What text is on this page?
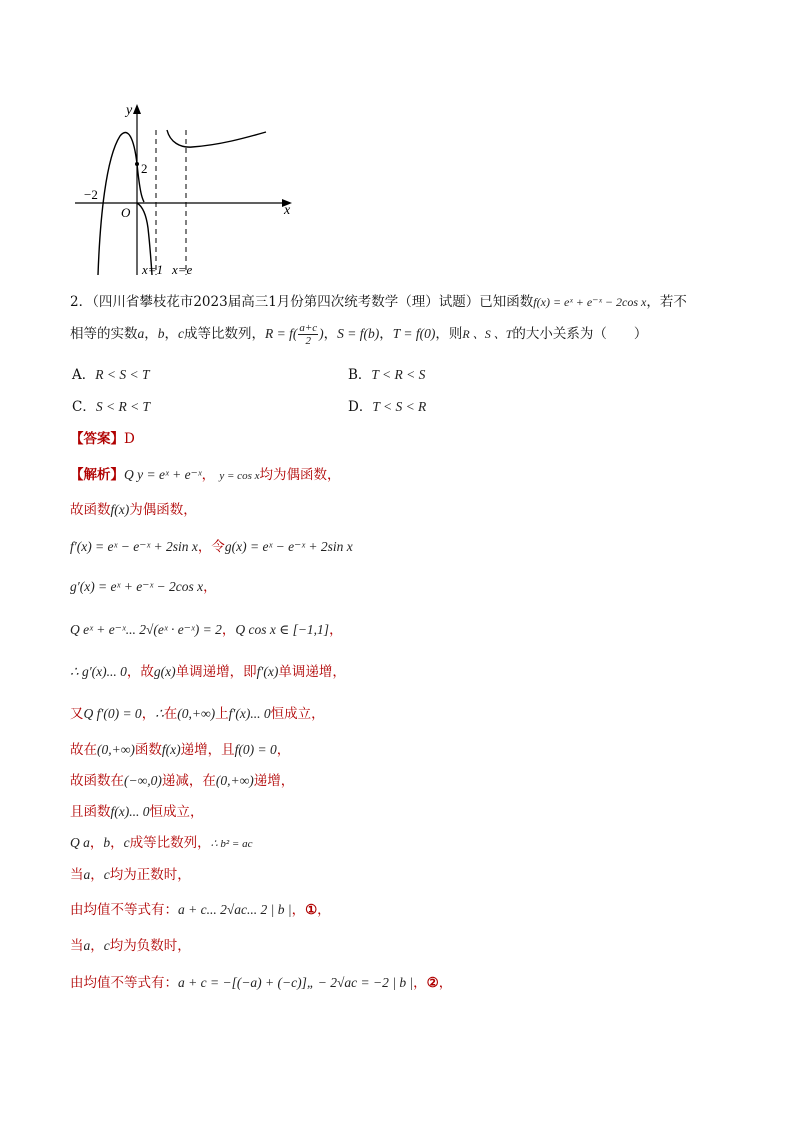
y
x
O
−2
2
x=1 x=e
2．（四川省攀枝花市2023届高三1月份第四次统考数学（理）试题）已知函数f(x) = eˣ + e⁻ˣ − 2cos x，若不
相等的实数a，b，c成等比数列，$R = f( \frac{a+c}{2}$ )，S = f(b)，T = f(0)，则R 、S 、T的大小关系为（　　）
A．R < S < T	B．T < R < S
C．S < R < T	D．T < S < R
【答案】D
【解析】Q y = eˣ + e⁻ˣ， y = cos x均为偶函数，
故函数f(x)为偶函数，
f′(x) = eˣ − e⁻ˣ + 2sin x，令g(x) = eˣ − e⁻ˣ + 2sin x
g′(x) = eˣ + e⁻ˣ − 2cos x，
Q eˣ + e⁻ˣ... 2√(eˣ · e⁻ˣ) = 2，Q cos x ∈ [−1,1]，
∴ g′(x)... 0，故g(x)单调递增，即f′(x)单调递增，
又Q f′(0) = 0，∴在(0,+∞)上f′(x)... 0恒成立，
故在(0,+∞)函数f(x)递增，且f(0) = 0，
故函数在(−∞,0)递减，在(0,+∞)递增，
且函数f(x)... 0恒成立，
Q a，b，c成等比数列，∴ b² = ac
当a，c均为正数时，
由均值不等式有：a + c... 2√ac... 2 | b |，①，
当a，c均为负数时，
由均值不等式有：a + c = −[(−a) + (−c)]„ − 2√ac = −2 | b |，②，
